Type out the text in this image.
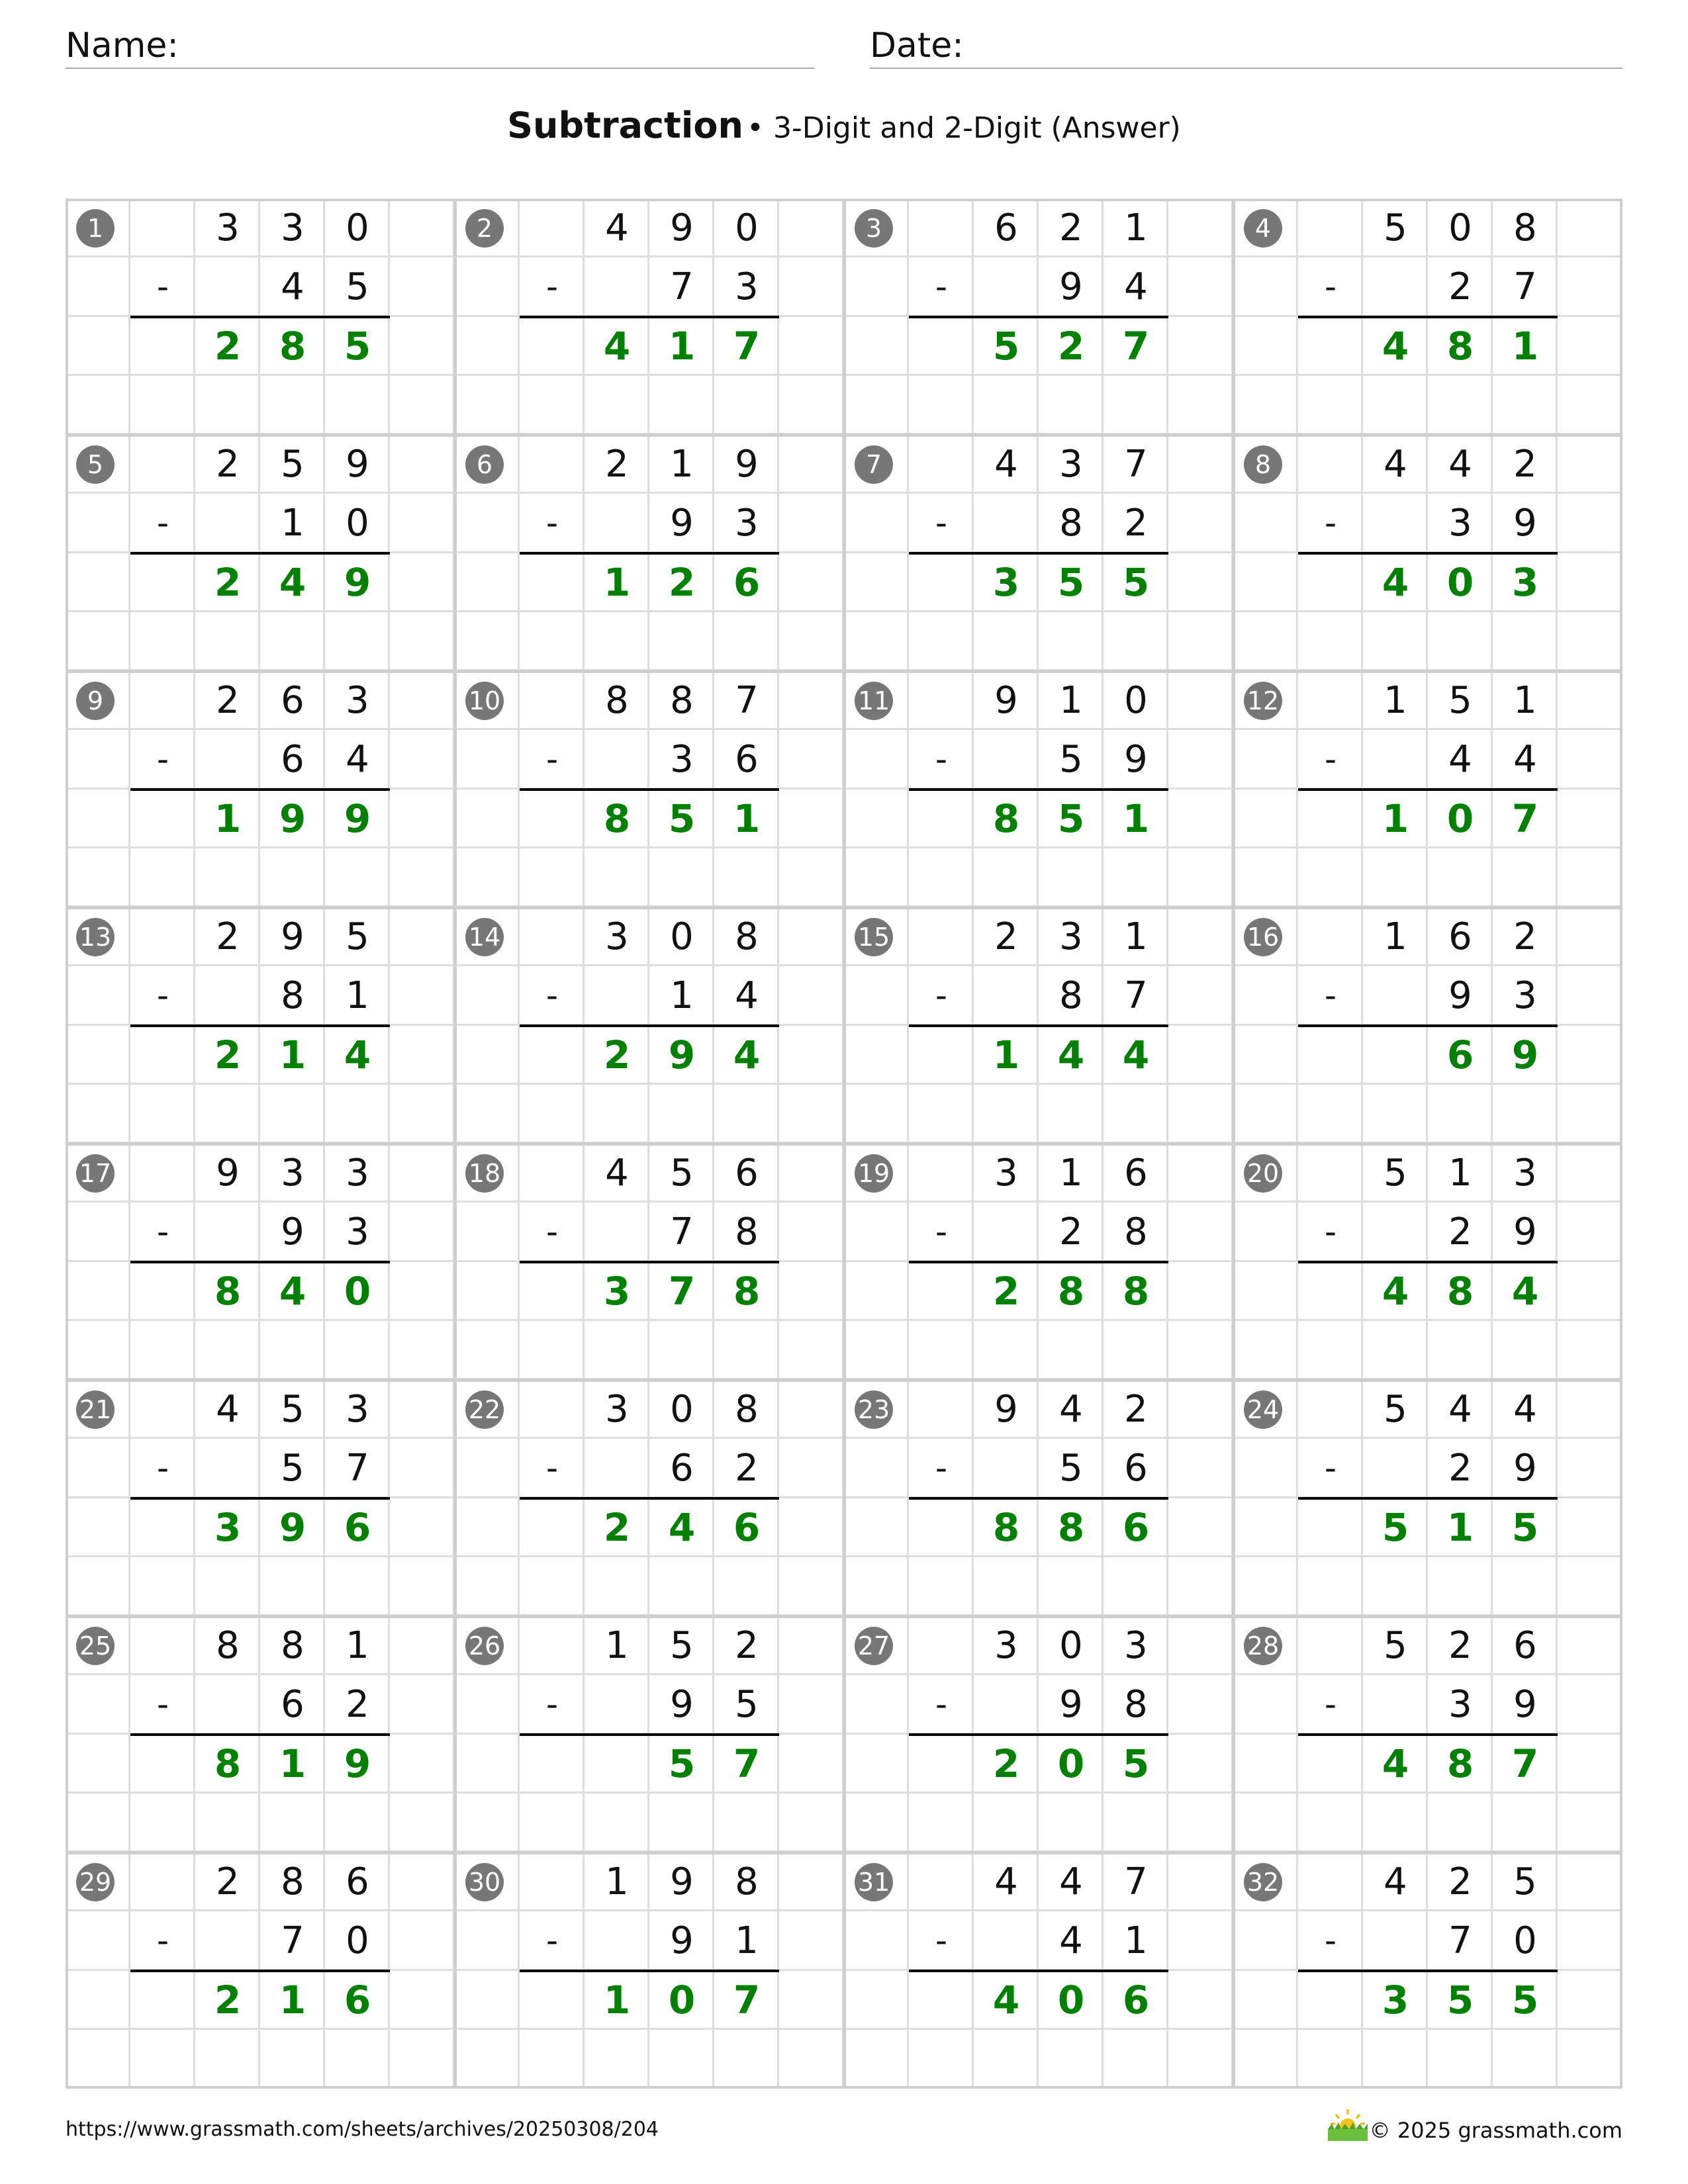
Name:	Date:
Subtraction • 3-Digit and 2-Digit (Answer)
1	3	3	0
-	4	5
2 8 5
2	4	9	0
-	7	3
4 1 7
3	6	2	1
-	9	4
5 2 7
4	5	0	8
-	2	7
4 8 1
5	2	5	9
-	1	0
2 4 9
6	2	1	9
-	9	3
1 2 6
7	4	3	7
-	8	2
3 5 5
8	4	4	2
-	3	9
4 0 3
9	2	6	3
-	6	4
1 9 9
10	8	8	7
-	3	6
8 5 1
11	9	1	0
-	5	9
8 5 1
12	1	5	1
-	4	4
1 0 7
13	2	9	5
-	8	1
2 1 4
14	3	0	8
-	1	4
2 9 4
15	2	3	1
-	8	7
1 4 4
16	1	6	2
-	9	3
6 9
17	9	3	3
-	9	3
8 4 0
18	4	5	6
-	7	8
3 7 8
19	3	1	6
-	2	8
2 8 8
20	5	1	3
-	2	9
4 8 4
21	4	5	3
-	5	7
3 9 6
22	3	0	8
-	6	2
2 4 6
23	9	4	2
-	5	6
8 8 6
24	5	4	4
-	2	9
5 1 5
25	8	8	1
-	6	2
8 1 9
26	1	5	2
-	9	5
5 7
27	3	0	3
-	9	8
2 0 5
28	5	2	6
-	3	9
4 8 7
29	2	8	6
-	7	0
2 1 6
30	1	9	8
-	9	1
1 0 7
31	4	4	7
-	4	1
4 0 6
32	4	2	5
-	7	0
3 5 5
https://www.grassmath.com/sheets/archives/20250308/204	© 2025 grassmath.com
